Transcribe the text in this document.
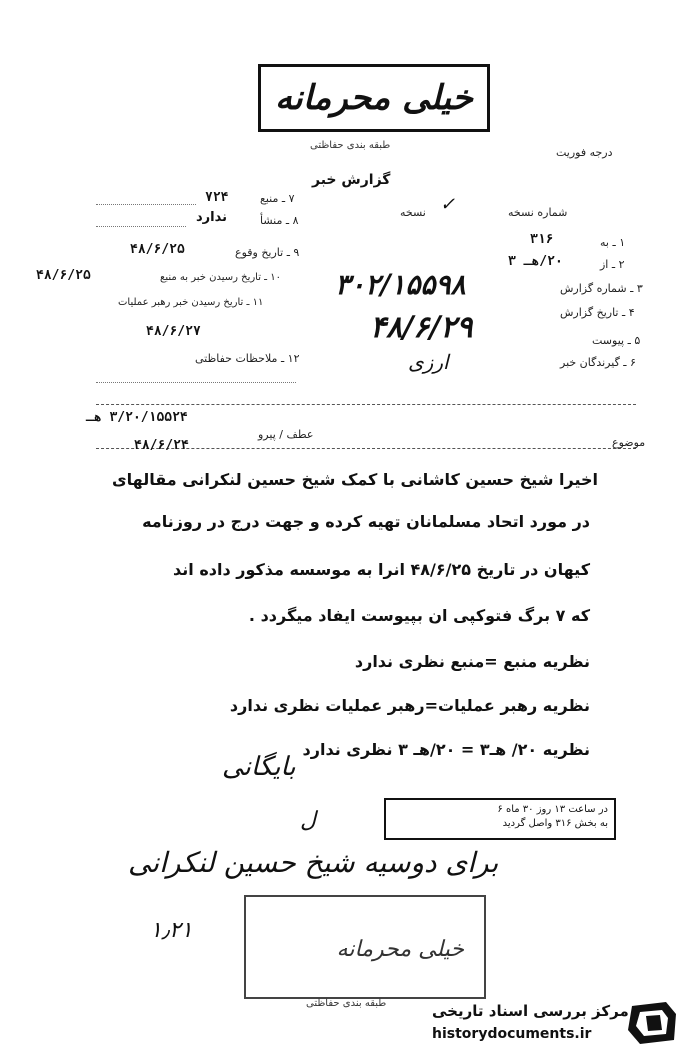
خیلی محرمانه
طبقه بندی حفاظتی
درجه فوریت
گزارش خبر
۷ ـ منبع
۷۲۴
۸ ـ منشأ
ندارد
۹ ـ تاریخ وقوع
۴۸/۶/۲۵
۱۰ ـ تاریخ رسیدن خبر به منبع
۴۸/۶/۲۵
۱۱ ـ تاریخ رسیدن خبر رهبر عملیات
۴۸/۶/۲۷
۱۲ ـ ملاحظات حفاظتی
شماره نسخه
نسخه ✓
۱ ـ به
۳۱۶
۲ ـ از
۲۰/هـ ۳
۳ ـ شماره گزارش
۳۰۲/۱۵۵۹۸
۴ ـ تاریخ گزارش
۴۸/۶/۲۹	۵ ـ پیوست
۶ ـ گیرندگان خبر
ارزی
۳/۲۰/۱۵۵۲۴ هـ
عطف / پیرو
۴۸/۶/۲۴	موضوع
اخیرا شیخ حسین کاشانی با کمک شیخ حسین لنکرانی مقالهای
در مورد اتحاد مسلمانان تهیه کرده و جهت درج در روزنامه
کیهان در تاریخ ۴۸/۶/۲۵ انرا به موسسه مذکور داده اند
که ۷ برگ فتوکپی ان بپیوست ایفاد میگردد .
نظریه منبع =منبع نظری ندارد
نظریه رهبر عملیات=رهبر عملیات نظری ندارد
نظریه ۲۰/ هـ۳ = ۲۰/هـ ۳ نظری ندارد
بایگانی
ل	در ساعت ۱۳ روز ۳۰ ماه ۶
به بخش ۳۱۶ واصل گردید
برای دوسیه شیخ حسین لنکرانی
۱٫۲۱
خیلی محرمانه
طبقه بندی حفاظتی	مرکز بررسی اسناد تاریخی
historydocuments.ir
